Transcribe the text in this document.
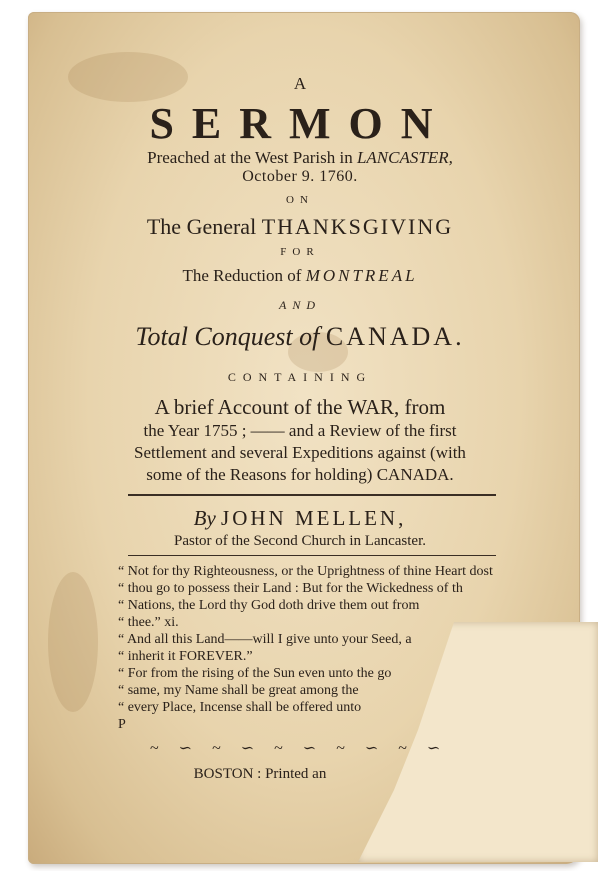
A
SERMON
Preached at the West Parish in LANCASTER,
October 9. 1760.
ON
The General THANKSGIVING
FOR
The Reduction of MONTREAL
AND
Total Conquest of CANADA.
CONTAINING
A brief Account of the WAR, from
the Year 1755 ; —— and a Review of the first
Settlement and several Expeditions against (with
some of the Reasons for holding) CANADA.
By JOHN MELLEN,
Pastor of the Second Church in Lancaster.
“ Not for thy Righteousness, or the Uprightness of thine Heart dost
“ thou go to possess their Land : But for the Wickedness of th
“ Nations, the Lord thy God doth drive them out from
“ thee.” xi.
“ And all this Land——will I give unto your Seed, a
“ inherit it FOREVER.”
“ For from the rising of the Sun even unto the go
“ same, my Name shall be great among the
“ every Place, Incense shall be offered unto
P
~ ∽ ~ ∽ ~ ∽ ~ ∽ ~ ∽
BOSTON : Printed an
